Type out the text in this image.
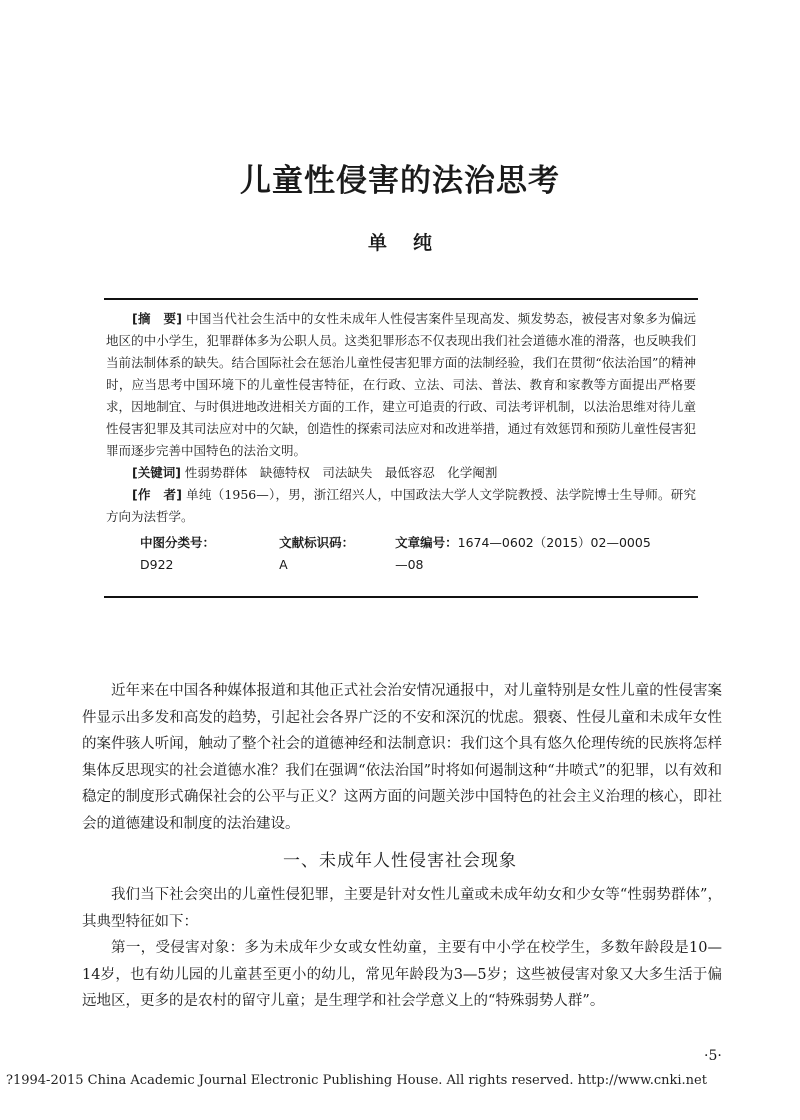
儿童性侵害的法治思考
单纯

[摘　要] 中国当代社会生活中的女性未成年人性侵害案件呈现高发、频发势态，被侵害对象多为偏远地区的中小学生，犯罪群体多为公职人员。这类犯罪形态不仅表现出我们社会道德水准的滑落，也反映我们当前法制体系的缺失。结合国际社会在惩治儿童性侵害犯罪方面的法制经验，我们在贯彻“依法治国”的精神时，应当思考中国环境下的儿童性侵害特征，在行政、立法、司法、普法、教育和家教等方面提出严格要求，因地制宜、与时俱进地改进相关方面的工作，建立可追责的行政、司法考评机制，以法治思维对待儿童性侵害犯罪及其司法应对中的欠缺，创造性的探索司法应对和改进举措，通过有效惩罚和预防儿童性侵害犯罪而逐步完善中国特色的法治文明。

[关键词] 性弱势群体　缺德特权　司法缺失　最低容忍　化学阉割

[作　者] 单纯（1956—），男，浙江绍兴人，中国政法大学人文学院教授、法学院博士生导师。研究方向为法哲学。

中图分类号：D922
文献标识码：A
文章编号：1674—0602（2015）02—0005—08

近年来在中国各种媒体报道和其他正式社会治安情况通报中，对儿童特别是女性儿童的性侵害案件显示出多发和高发的趋势，引起社会各界广泛的不安和深沉的忧虑。猥亵、性侵儿童和未成年女性的案件骇人听闻，触动了整个社会的道德神经和法制意识：我们这个具有悠久伦理传统的民族将怎样集体反思现实的社会道德水准？我们在强调“依法治国”时将如何遏制这种“井喷式”的犯罪，以有效和稳定的制度形式确保社会的公平与正义？这两方面的问题关涉中国特色的社会主义治理的核心，即社会的道德建设和制度的法治建设。

一、未成年人性侵害社会现象

我们当下社会突出的儿童性侵犯罪，主要是针对女性儿童或未成年幼女和少女等“性弱势群体”，其典型特征如下：

第一，受侵害对象：多为未成年少女或女性幼童，主要有中小学在校学生，多数年龄段是10—14岁，也有幼儿园的儿童甚至更小的幼儿，常见年龄段为3—5岁；这些被侵害对象又大多生活于偏远地区，更多的是农村的留守儿童；是生理学和社会学意义上的“特殊弱势人群”。

·5·
?1994-2015 China Academic Journal Electronic Publishing House. All rights reserved. http://www.cnki.net
